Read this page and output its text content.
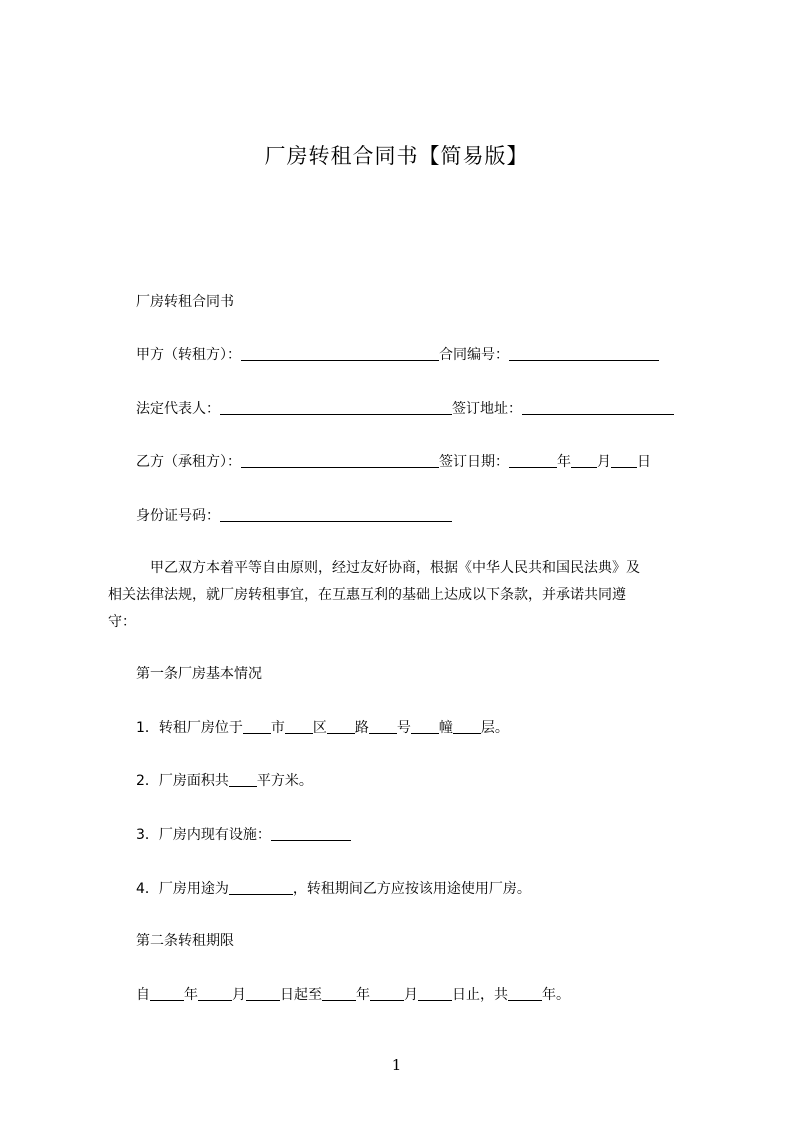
厂房转租合同书【简易版】
厂房转租合同书
甲方（转租方）：	合同编号：
法定代表人：	签订地址：
乙方（承租方）：	签订日期：	年 月 日
身份证号码：
甲乙双方本着平等自由原则，经过友好协商，根据《中华人民共和国民法典》及
相关法律法规，就厂房转租事宜，在互惠互利的基础上达成以下条款，并承诺共同遵
守：
第一条厂房基本情况
1．转租厂房位于 市 区 路 号 幢 层。
2．厂房面积共 平方米。
3．厂房内现有设施：
4．厂房用途为	，转租期间乙方应按该用途使用厂房。
第二条转租期限
自 年 月 日起至 年 月 日止，共 年。
1
